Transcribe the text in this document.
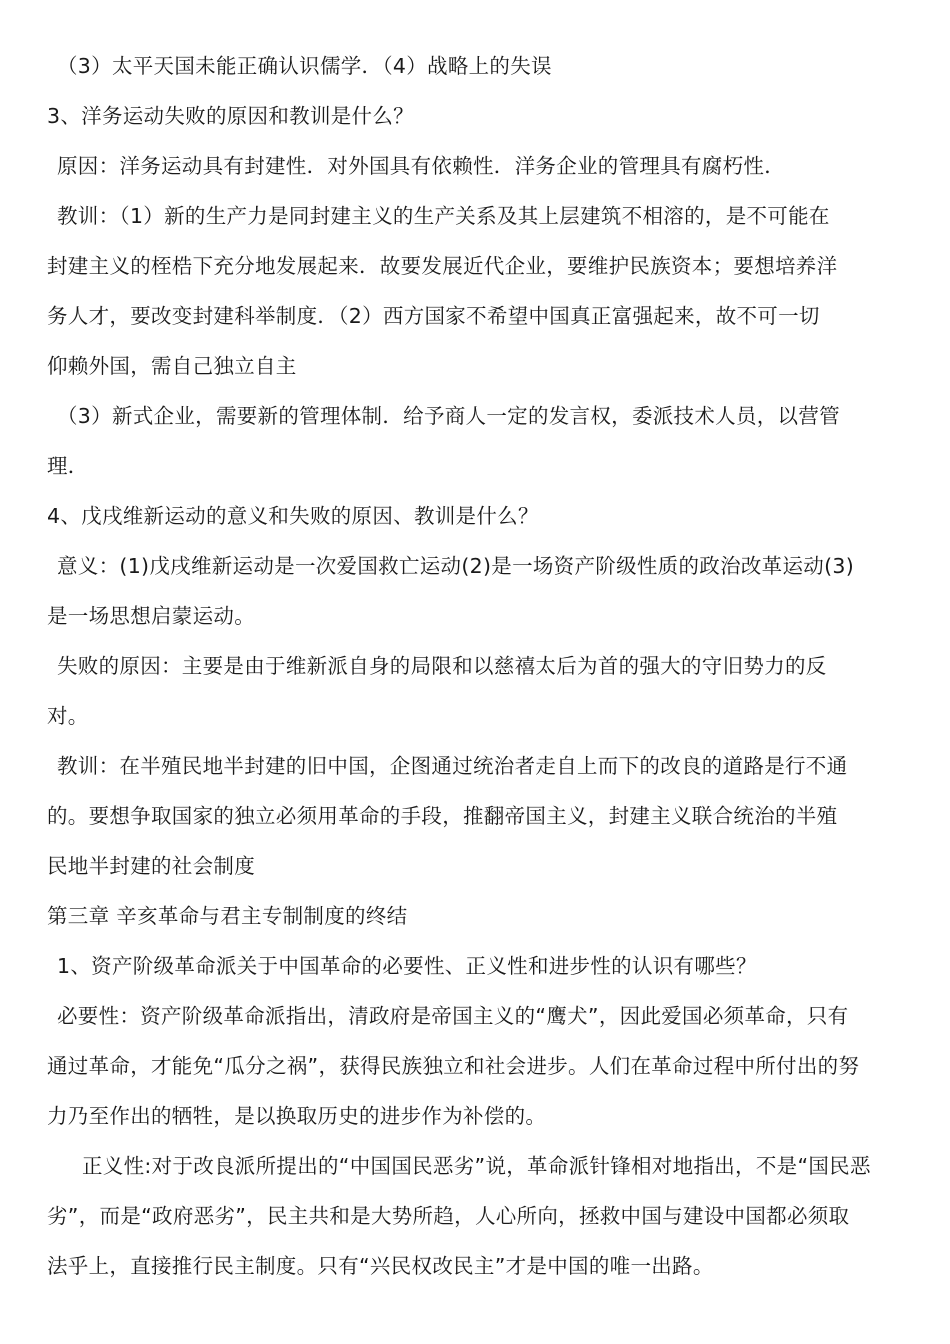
（3）太平天国未能正确认识儒学．（4）战略上的失误
3、洋务运动失败的原因和教训是什么？
原因：洋务运动具有封建性．对外国具有依赖性．洋务企业的管理具有腐朽性．
教训：（1）新的生产力是同封建主义的生产关系及其上层建筑不相溶的，是不可能在
封建主义的桎梏下充分地发展起来．故要发展近代企业，要维护民族资本；要想培养洋
务人才，要改变封建科举制度．（2）西方国家不希望中国真正富强起来，故不可一切
仰赖外国，需自己独立自主
（3）新式企业，需要新的管理体制．给予商人一定的发言权，委派技术人员，以营管
理．
4、戊戌维新运动的意义和失败的原因、教训是什么？
意义：(1)戊戌维新运动是一次爱国救亡运动(2)是一场资产阶级性质的政治改革运动(3)
是一场思想启蒙运动。
失败的原因：主要是由于维新派自身的局限和以慈禧太后为首的强大的守旧势力的反
对。
教训：在半殖民地半封建的旧中国，企图通过统治者走自上而下的改良的道路是行不通
的。要想争取国家的独立必须用革命的手段，推翻帝国主义，封建主义联合统治的半殖
民地半封建的社会制度
第三章 辛亥革命与君主专制制度的终结
1、资产阶级革命派关于中国革命的必要性、正义性和进步性的认识有哪些？
必要性：资产阶级革命派指出，清政府是帝国主义的“鹰犬”，因此爱国必须革命，只有
通过革命，才能免“瓜分之祸”，获得民族独立和社会进步。人们在革命过程中所付出的努
力乃至作出的牺牲，是以换取历史的进步作为补偿的。
正义性:对于改良派所提出的“中国国民恶劣”说，革命派针锋相对地指出，不是“国民恶
劣”，而是“政府恶劣”，民主共和是大势所趋，人心所向，拯救中国与建设中国都必须取
法乎上，直接推行民主制度。只有“兴民权改民主”才是中国的唯一出路。
